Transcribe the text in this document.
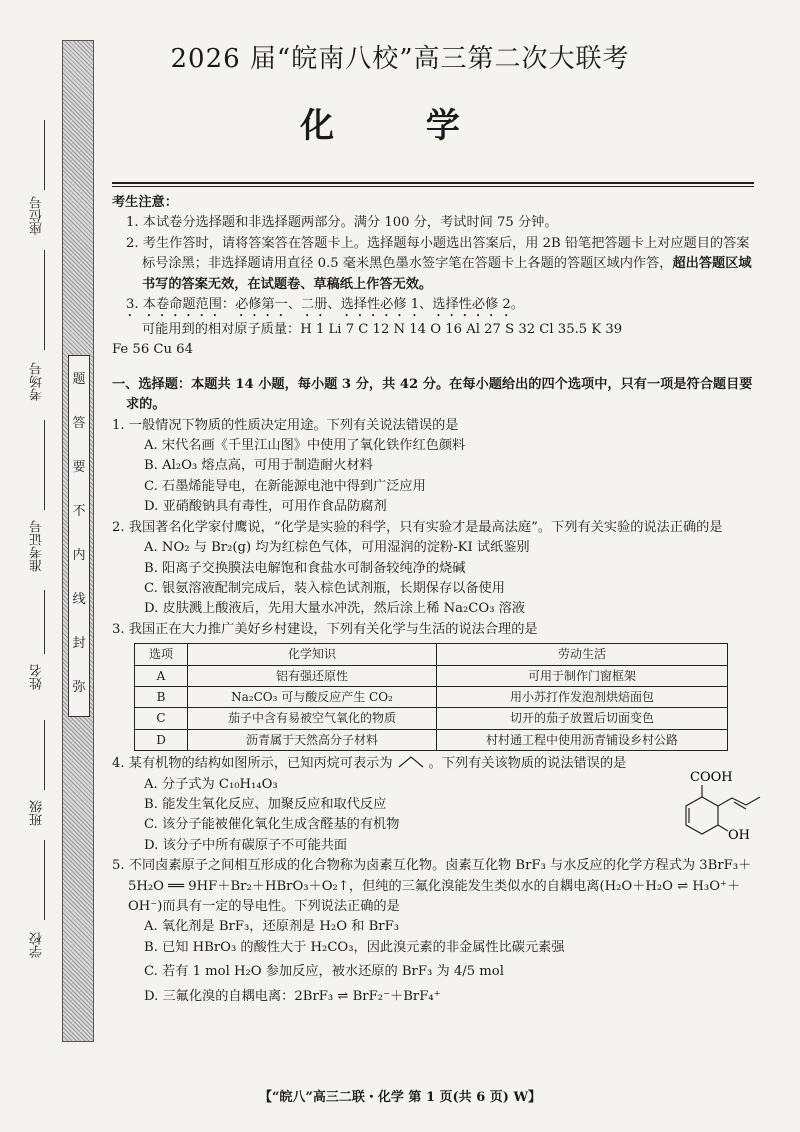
题
答
要
不
内
线
封
弥
座位号
考场号
准考证号
姓名
班级
学校
2026 届“皖南八校”高三第二次大联考
化 学

考生注意：

1. 本试卷分选择题和非选择题两部分。满分 100 分，考试时间 75 分钟。

2. 考生作答时，请将答案答在答题卡上。选择题每小题选出答案后，用 2B 铅笔把答题卡上对应题目的答案标号涂黑；非选择题请用直径 0.5 毫米黑色墨水签字笔在答题卡上各题的答题区域内作答，超出答题区域书写的答案无效，在试题卷、草稿纸上作答无效。

3. 本卷命题范围：必修第一、二册、选择性必修 1、选择性必修 2。

可能用到的相对原子质量：H 1 Li 7 C 12 N 14 O 16 Al 27 S 32 Cl 35.5 K 39

Fe 56 Cu 64

一、选择题：本题共 14 小题，每小题 3 分，共 42 分。在每小题给出的四个选项中，只有一项是符合题目要求的。

1. 一般情况下物质的性质决定用途。下列有关说法错误的是

A. 宋代名画《千里江山图》中使用了氧化铁作红色颜料

B. Al₂O₃ 熔点高，可用于制造耐火材料

C. 石墨烯能导电，在新能源电池中得到广泛应用

D. 亚硝酸钠具有毒性，可用作食品防腐剂

2. 我国著名化学家付鹰说，“化学是实验的科学，只有实验才是最高法庭”。下列有关实验的说法正确的是

A. NO₂ 与 Br₂(g) 均为红棕色气体，可用湿润的淀粉-KI 试纸鉴别

B. 阳离子交换膜法电解饱和食盐水可制备较纯净的烧碱

C. 银氨溶液配制完成后，装入棕色试剂瓶，长期保存以备使用

D. 皮肤溅上酸液后，先用大量水冲洗，然后涂上稀 Na₂CO₃ 溶液

3. 我国正在大力推广美好乡村建设，下列有关化学与生活的说法合理的是

选项	化学知识	劳动生活
A	铝有强还原性	可用于制作门窗框架
B	Na₂CO₃ 可与酸反应产生 CO₂	用小苏打作发泡剂烘焙面包
C	茄子中含有易被空气氧化的物质	切开的茄子放置后切面变色
D	沥青属于天然高分子材料	村村通工程中使用沥青铺设乡村公路

4. 某有机物的结构如图所示，已知丙烷可表示为	。下列有关该物质的说法错误的是

A. 分子式为 C₁₀H₁₄O₃

B. 能发生氧化反应、加聚反应和取代反应

C. 该分子能被催化氧化生成含醛基的有机物

D. 该分子中所有碳原子不可能共面

5. 不同卤素原子之间相互形成的化合物称为卤素互化物。卤素互化物 BrF₃ 与水反应的化学方程式为 3BrF₃＋5H₂O ══ 9HF＋Br₂＋HBrO₃＋O₂↑，但纯的三氟化溴能发生类似水的自耦电离(H₂O＋H₂O ⇌ H₃O⁺＋OH⁻)而具有一定的导电性。下列说法正确的是

A. 氧化剂是 BrF₃，还原剂是 H₂O 和 BrF₃

B. 已知 HBrO₃ 的酸性大于 H₂CO₃，因此溴元素的非金属性比碳元素强

C. 若有 1 mol H₂O 参加反应，被水还原的 BrF₃ 为 4/5 mol

D. 三氟化溴的自耦电离：2BrF₃ ⇌ BrF₂⁻＋BrF₄⁺

COOH
OH
【“皖八”高三二联・化学 第 1 页(共 6 页) W】
